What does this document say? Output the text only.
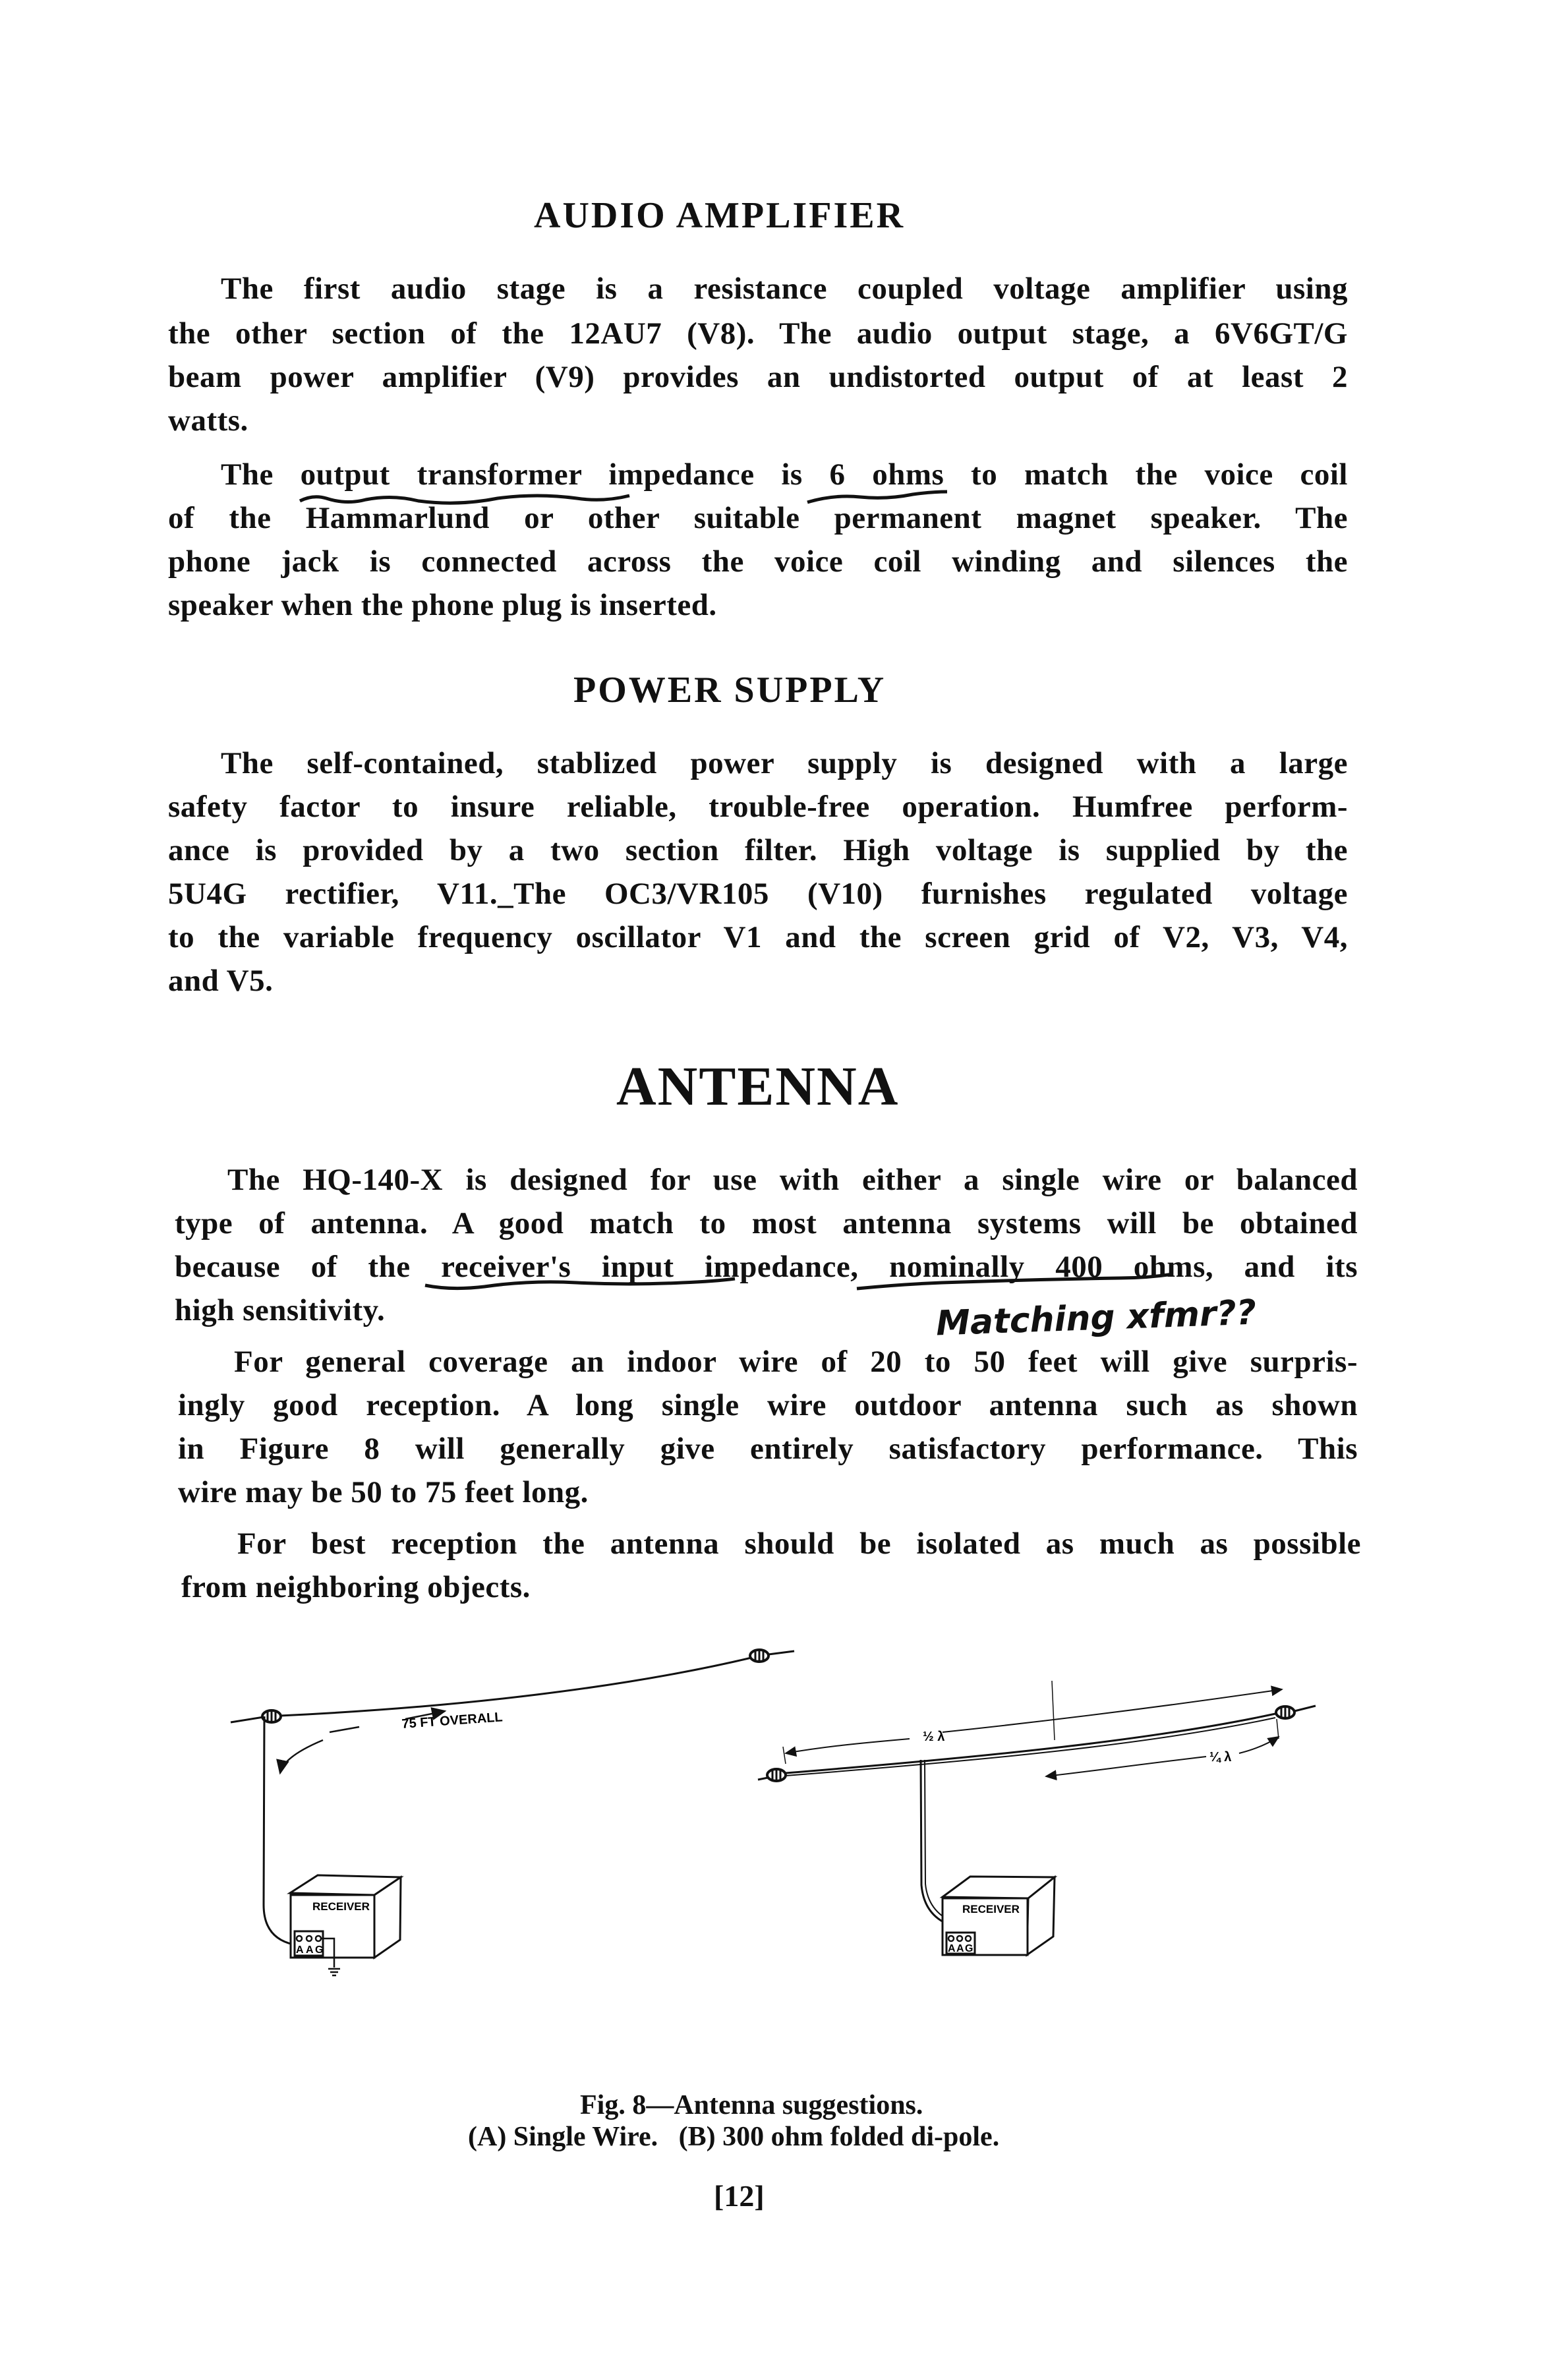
AUDIO AMPLIFIER
The first audio stage is a resistance coupled voltage amplifier using
the other section of the 12AU7 (V8). The audio output stage, a 6V6GT/G
beam power amplifier (V9) provides an undistorted output of at least 2
watts.
The output transformer impedance is 6 ohms to match the voice coil
of the Hammarlund or other suitable permanent magnet speaker. The
phone jack is connected across the voice coil winding and silences the
speaker when the phone plug is inserted.
POWER SUPPLY
The self-contained, stablized power supply is designed with a large
safety factor to insure reliable, trouble-free operation. Humfree perform-
ance is provided by a two section filter. High voltage is supplied by the
5U4G rectifier, V11._The OC3/VR105 (V10) furnishes regulated voltage
to the variable frequency oscillator V1 and the screen grid of V2, V3, V4,
and V5.
ANTENNA
The HQ-140-X is designed for use with either a single wire or balanced
type of antenna. A good match to most antenna systems will be obtained
because of the receiver's input impedance, nominally 400 ohms, and its
high sensitivity.	Matching xfmr??
For general coverage an indoor wire of 20 to 50 feet will give surpris-
ingly good reception. A long single wire outdoor antenna such as shown
in Figure 8 will generally give entirely satisfactory performance. This
wire may be 50 to 75 feet long.
For best reception the antenna should be isolated as much as possible
from neighboring objects.
75 FT OVERALL
RECEIVER
A A G
½ λ
¼ λ
RECEIVER
A A G
Fig. 8—Antenna suggestions.
(A) Single Wire.   (B) 300 ohm folded di-pole.
[12]
